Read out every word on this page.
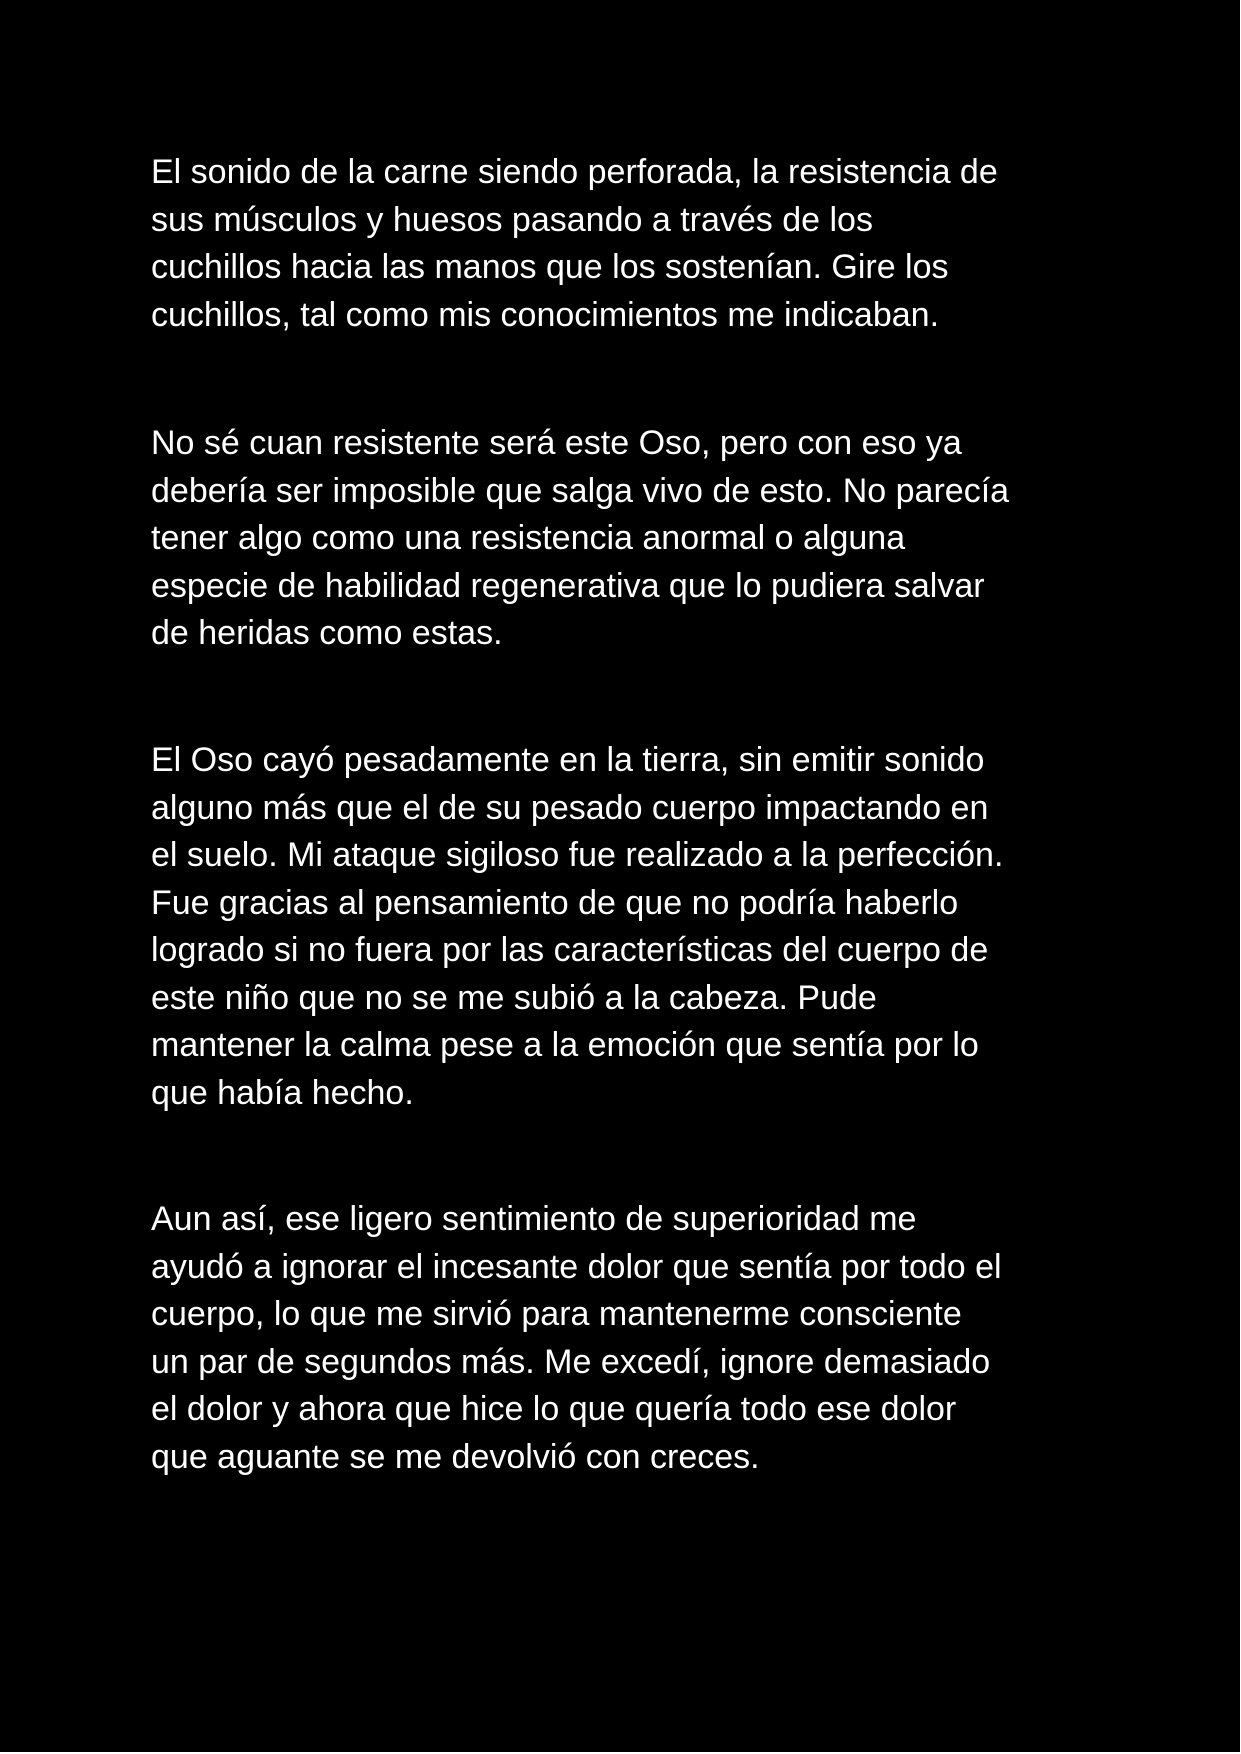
El sonido de la carne siendo perforada, la resistencia de
sus músculos y huesos pasando a través de los
cuchillos hacia las manos que los sostenían. Gire los
cuchillos, tal como mis conocimientos me indicaban.

No sé cuan resistente será este Oso, pero con eso ya
debería ser imposible que salga vivo de esto. No parecía
tener algo como una resistencia anormal o alguna
especie de habilidad regenerativa que lo pudiera salvar
de heridas como estas.

El Oso cayó pesadamente en la tierra, sin emitir sonido
alguno más que el de su pesado cuerpo impactando en
el suelo. Mi ataque sigiloso fue realizado a la perfección.
Fue gracias al pensamiento de que no podría haberlo
logrado si no fuera por las características del cuerpo de
este niño que no se me subió a la cabeza. Pude
mantener la calma pese a la emoción que sentía por lo
que había hecho.

Aun así, ese ligero sentimiento de superioridad me
ayudó a ignorar el incesante dolor que sentía por todo el
cuerpo, lo que me sirvió para mantenerme consciente
un par de segundos más. Me excedí, ignore demasiado
el dolor y ahora que hice lo que quería todo ese dolor
que aguante se me devolvió con creces.
